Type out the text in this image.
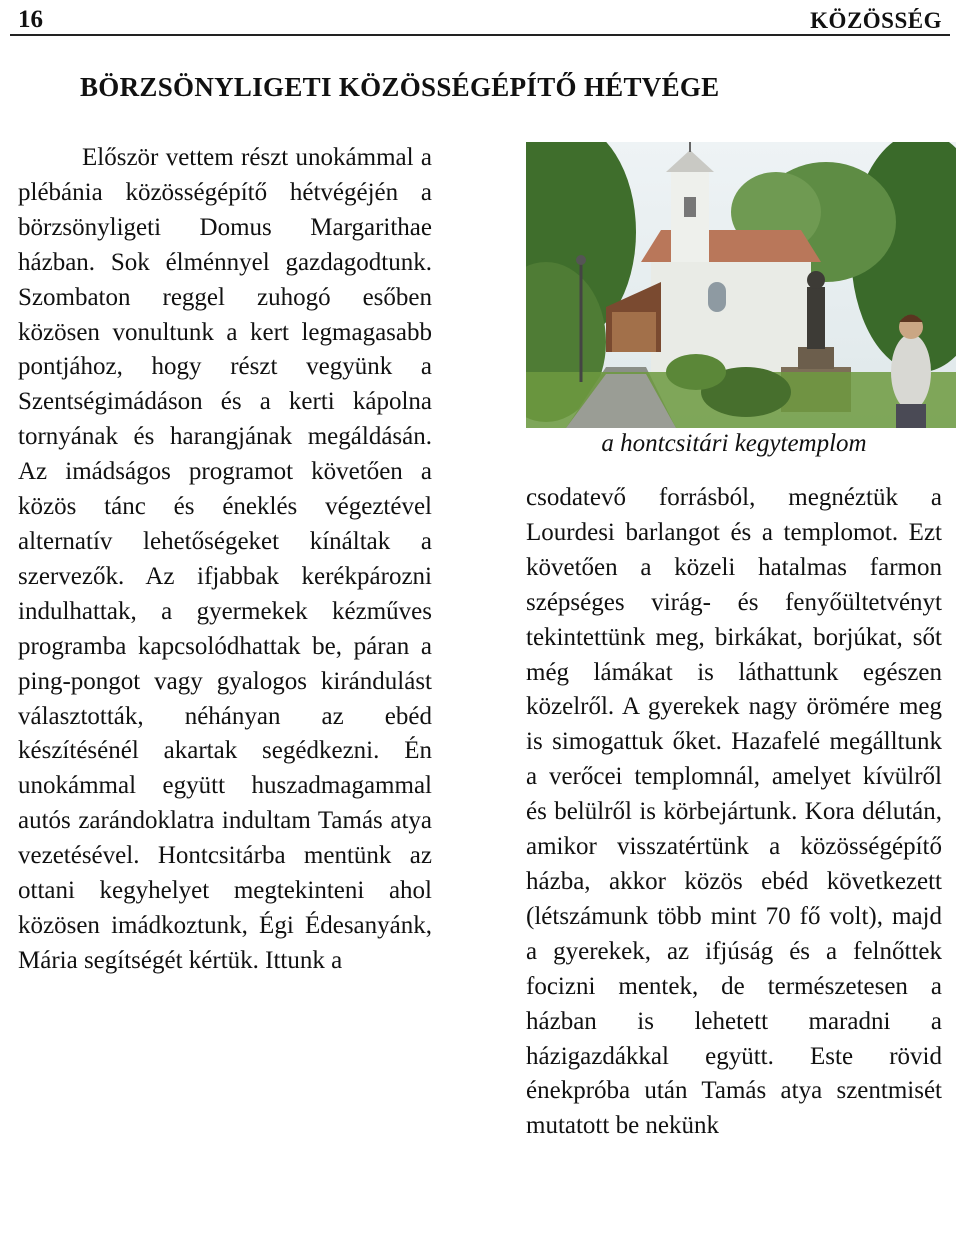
16	KÖZÖSSÉG
BÖRZSÖNYLIGETI KÖZÖSSÉGÉPÍTŐ HÉTVÉGE

Először vettem részt unokámmal a plébánia közösségépítő hétvégéjén a börzsönyligeti Domus Margarithae házban. Sok élménnyel gazdagodtunk. Szombaton reggel zuhogó esőben közösen vonultunk a kert legmagasabb pontjához, hogy részt vegyünk a Szentségimádáson és a kerti kápolna tornyának és harangjának megáldásán. Az imádságos programot követően a közös tánc és éneklés végeztével alternatív lehetőségeket kínáltak a szervezők. Az ifjabbak kerékpározni indulhattak, a gyermekek kézműves programba kapcsolódhattak be, páran a ping-pongot vagy gyalogos kirándulást választották, néhányan az ebéd készítésénél akartak segédkezni. Én unokámmal együtt huszadmagammal autós zarándoklatra indultam Tamás atya vezetésével. Hontcsitárba mentünk az ottani kegyhelyet megtekinteni ahol közösen imádkoztunk, Égi Édesanyánk, Mária segítségét kértük. Ittunk a

a hontcsitári kegytemplom

csodatevő forrásból, megnéztük a Lourdesi barlangot és a templomot. Ezt követően a közeli hatalmas farmon szépséges virág- és fenyőültetvényt tekintettünk meg, birkákat, borjúkat, sőt még lámákat is láthattunk egészen közelről. A gyerekek nagy örömére meg is simogattuk őket. Hazafelé megálltunk a verőcei templomnál, amelyet kívülről és belülről is körbejártunk. Kora délután, amikor visszatértünk a közösségépítő házba, akkor közös ebéd következett (létszámunk több mint 70 fő volt), majd a gyerekek, az ifjúság és a felnőttek focizni mentek, de természetesen a házban is lehetett maradni a házigazdákkal együtt. Este rövid énekpróba után Tamás atya szentmisét mutatott be nekünk
